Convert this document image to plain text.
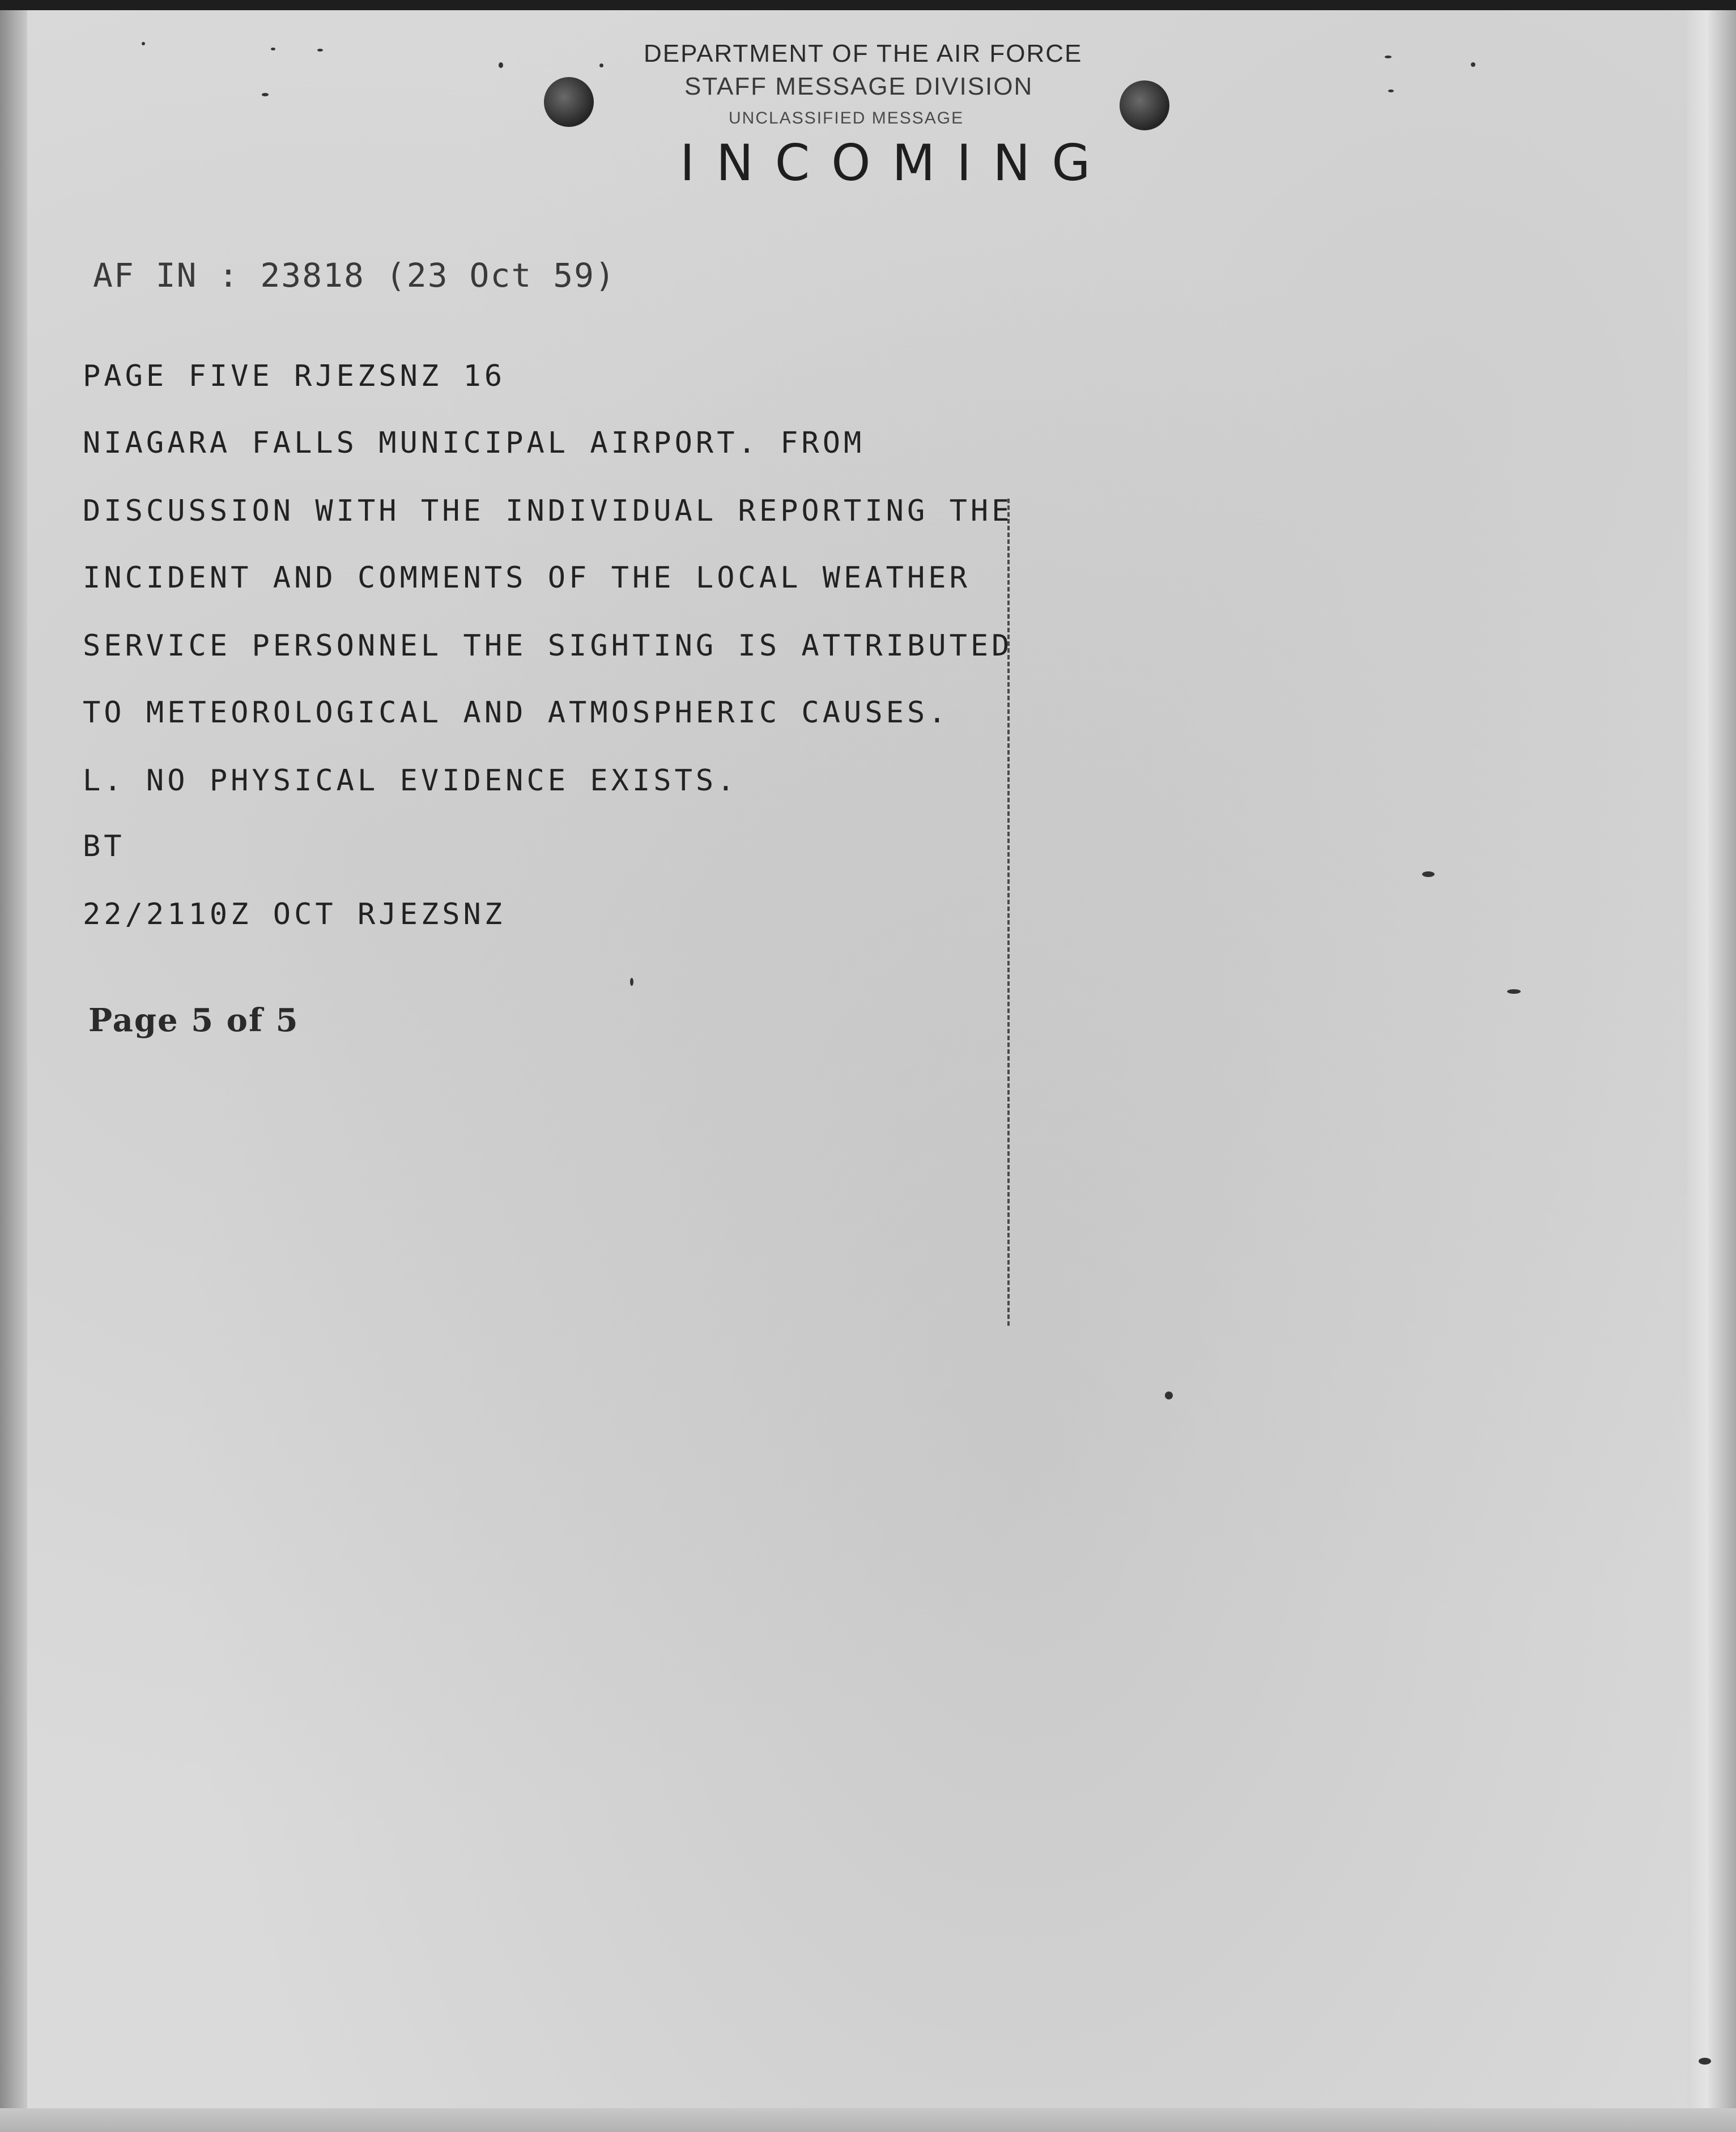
DEPARTMENT OF THE AIR FORCE
STAFF MESSAGE DIVISION
UNCLASSIFIED MESSAGE
INCOMING
AF IN : 23818 (23 Oct 59)
PAGE FIVE RJEZSNZ 16
NIAGARA FALLS MUNICIPAL AIRPORT. FROM
DISCUSSION WITH THE INDIVIDUAL REPORTING THE
INCIDENT AND COMMENTS OF THE LOCAL WEATHER
SERVICE PERSONNEL THE SIGHTING IS ATTRIBUTED
TO METEOROLOGICAL AND ATMOSPHERIC CAUSES.
L. NO PHYSICAL EVIDENCE EXISTS.
BT
22/2110Z OCT RJEZSNZ
Page 5 of 5
